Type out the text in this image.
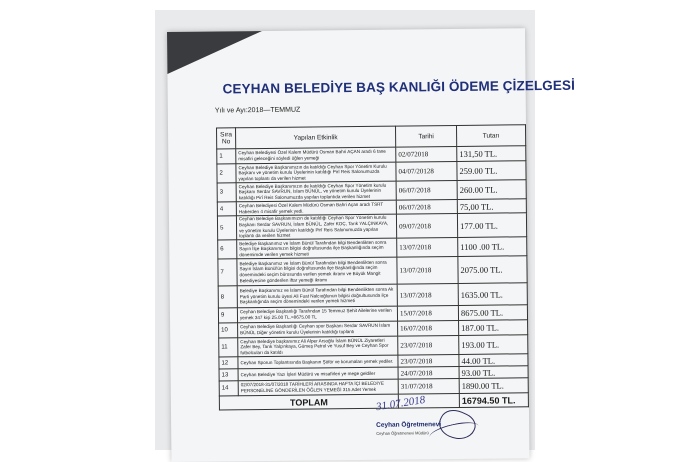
CEYHAN BELEDİYE BAŞ KANLIĞI ÖDEME ÇİZELGESİ
Yılı ve Ayı:2018—TEMMUZ
Sıra No	Yapılan Etkinlik	Tarihi	Tutarı
1	Ceyhan Belediyesi Özel Kalem Müdürü Osman Bahri AÇAN aradı 6 tane misafiri geleceğini söyledi öğlen yemeği	02/072018	131,50 TL.
2	Ceyhan Belediye Başkanımızın da katıldığı Ceyhan Spor Yönetim Kurulu Başkanı ve yönetim kurulu Üyelerinin katıldığı Pirî Reis Salonumuzda yapılan toplantı da verilen hizmet	04/07/20128	259.00 TL.
3	Ceyhan Belediye Başkanımızın de katıldığı Ceyhan Spor Yönetim kurulu Başkanı Serdar SAVRUN, İslam BÜNÜL, ve yönetim kurulu Üyelerinin katıldığı Pirî Reis Salonumuzda yapılan toplantıda verilen hizmet	06/07/2018	260.00 TL.
4	Ceyhan Belediyesi Özel Kalem Müdürü Osman Bahri Açan aradı TSRT Haberden 4 misafir yemek yedi.	06/07/2018	75,00 TL.
5	Ceyhan Belediye Başkanımızın de katıldığı Ceyhan Spor Yönetim kurulu Başkanı Serdar SAVRUN, İslam BÜNÜL, Zafer KOÇ, Tarık YALÇINKAYA, ve yönetim kurulu Üyelerinin katıldığı Pirî Reis Salonumuzda yapılan toplantı da verilen hizmet	09/07/2018	177.00 TL.
6	Belediye Başkanımız ve İslam Bünül Tarafından bilgi Bendenlikten sonra Sayın İlçe Başkanımızın bilgisi doğrultusunda ilçe Başkanlığında seçim dönemimde verilen yemek hizmeti	13/07/2018	1100 .00 TL.
7	Belediye Başkanımız ve İslam Bünül Tarafından bilgi Bendenlikten sonra Sayın İslam Bünül'ün bilgisi doğrultusunda ilçe Başkanlığında seçim dönemindeki seçim bürosunda verilen yemek ikramı ve Büyük Mangit Belediyesine gönderilen iftar yemeği ikramı	13/07/2018	2075.00 TL.
8	Belediye Başkanımız ve İslam Bünül Tarafından bilgi Bendenlikten sonra Ak Parti yönetim kurulu üyesi Ali Fuat Nalcıoğlunun bilgisi doğrultusunda ilçe Başkanlığında seçim dönemindeki verilen yemek hizmeti	13/07/2018	1635.00 TL.
9	Ceyhan Belediye Başkanlığı Tarafından 15 Temmuz Şehit Ailelerine verilen yemek 347 kişi 25.00 TL.=8675.00 TL	15/07/2018	8675.00 TL.
10	Ceyhan Belediye Başkanlığı Ceyhan spor Başkanı Serdar SAVRUN İslam BÜNÜL Diğer yönetim kurulu Üyelerinin katıldığı toplantı	16/07/2018	187.00 TL.
11	Ceyhan Belediye başkanımız Ali Alper Arsoğlu İslam BÜNÜL Ziyaretleri Zafer Bey, Tarık Yalçınkaya, Gümeş Petrol ve Yusuf Bey ve Ceyhan Spor futbolcuları da katıldı	23/07/2018	193.00 TL.
12	Ceyhan Sporun Toplantısında Başkanın Şöför ve korumaları yemek yediler.	23/07/2018	44.00 TL.
13	Ceyhan Belediye Yazı İşleri Müdürü ve misafirleri ye mege geldiler	24/07/2018	93.00 TL.
14	02/07/2018-31/07/2018 TARİHLERİ ARASINDA HAFTA İÇİ BELEDİYE PERSONELİNE GÖNDERİLEN ÖĞLEN YEMEĞİ 315 Adet Yemek	31/07/2018	1890.00 TL.
TOPLAM			16794.50 TL.
31.07.2018
Ceyhan Öğretmenevi
Ceyhan Öğretmenevi Müdürü
